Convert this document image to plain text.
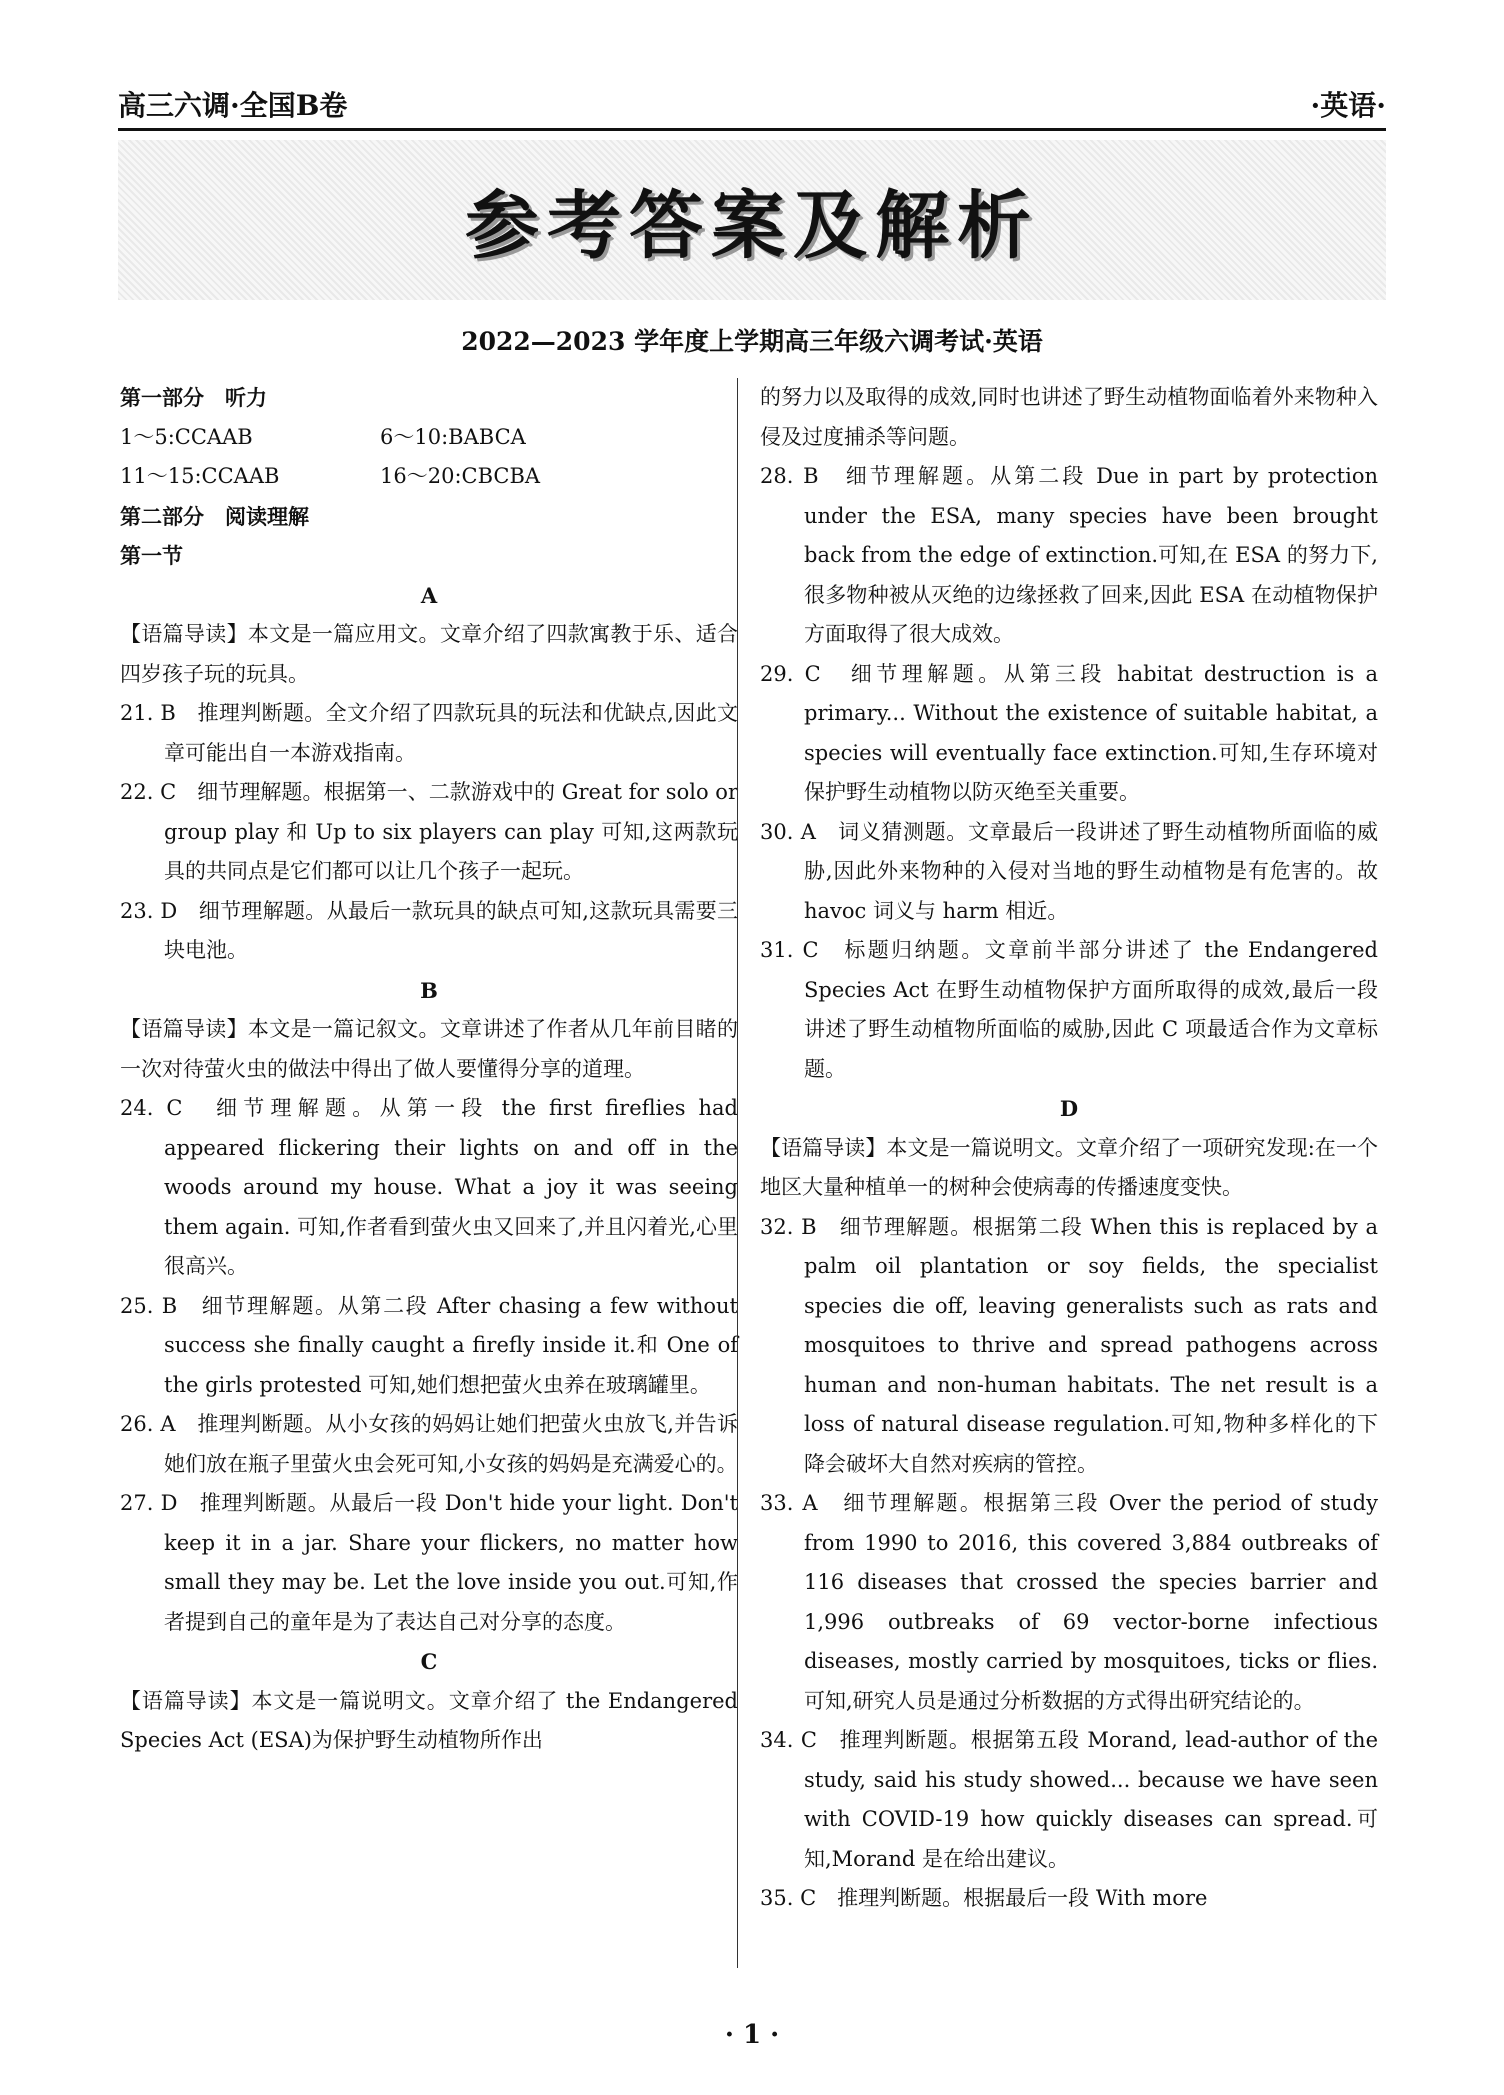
高三六调·全国B卷	·英语·
参考答案及解析
2022—2023 学年度上学期高三年级六调考试·英语
第一部分　听力
1～5:CCAAB	6～10:BABCA
11～15:CCAAB	16～20:CBCBA
第二部分　阅读理解
第一节
A
【语篇导读】本文是一篇应用文。文章介绍了四款寓教于乐、适合四岁孩子玩的玩具。
21. B　推理判断题。全文介绍了四款玩具的玩法和优缺点,因此文章可能出自一本游戏指南。
22. C　细节理解题。根据第一、二款游戏中的 Great for solo or group play 和 Up to six players can play 可知,这两款玩具的共同点是它们都可以让几个孩子一起玩。
23. D　细节理解题。从最后一款玩具的缺点可知,这款玩具需要三块电池。
B
【语篇导读】本文是一篇记叙文。文章讲述了作者从几年前目睹的一次对待萤火虫的做法中得出了做人要懂得分享的道理。
24. C　细节理解题。从第一段 the first fireflies had appeared flickering their lights on and off in the woods around my house. What a joy it was seeing them again. 可知,作者看到萤火虫又回来了,并且闪着光,心里很高兴。
25. B　细节理解题。从第二段 After chasing a few without success she finally caught a firefly inside it.和 One of the girls protested 可知,她们想把萤火虫养在玻璃罐里。
26. A　推理判断题。从小女孩的妈妈让她们把萤火虫放飞,并告诉她们放在瓶子里萤火虫会死可知,小女孩的妈妈是充满爱心的。
27. D　推理判断题。从最后一段 Don't hide your light. Don't keep it in a jar. Share your flickers, no matter how small they may be. Let the love inside you out.可知,作者提到自己的童年是为了表达自己对分享的态度。
C
【语篇导读】本文是一篇说明文。文章介绍了 the Endangered Species Act (ESA)为保护野生动植物所作出
的努力以及取得的成效,同时也讲述了野生动植物面临着外来物种入侵及过度捕杀等问题。
28. B　细节理解题。从第二段 Due in part by protection under the ESA, many species have been brought back from the edge of extinction.可知,在 ESA 的努力下,很多物种被从灭绝的边缘拯救了回来,因此 ESA 在动植物保护方面取得了很大成效。
29. C　细节理解题。从第三段 habitat destruction is a primary... Without the existence of suitable habitat, a species will eventually face extinction.可知,生存环境对保护野生动植物以防灭绝至关重要。
30. A　词义猜测题。文章最后一段讲述了野生动植物所面临的威胁,因此外来物种的入侵对当地的野生动植物是有危害的。故 havoc 词义与 harm 相近。
31. C　标题归纳题。文章前半部分讲述了 the Endangered Species Act 在野生动植物保护方面所取得的成效,最后一段讲述了野生动植物所面临的威胁,因此 C 项最适合作为文章标题。
D
【语篇导读】本文是一篇说明文。文章介绍了一项研究发现:在一个地区大量种植单一的树种会使病毒的传播速度变快。
32. B　细节理解题。根据第二段 When this is replaced by a palm oil plantation or soy fields, the specialist species die off, leaving generalists such as rats and mosquitoes to thrive and spread pathogens across human and non-human habitats. The net result is a loss of natural disease regulation.可知,物种多样化的下降会破坏大自然对疾病的管控。
33. A　细节理解题。根据第三段 Over the period of study from 1990 to 2016, this covered 3,884 outbreaks of 116 diseases that crossed the species barrier and 1,996 outbreaks of 69 vector-borne infectious diseases, mostly carried by mosquitoes, ticks or flies.可知,研究人员是通过分析数据的方式得出研究结论的。
34. C　推理判断题。根据第五段 Morand, lead-author of the study, said his study showed... because we have seen with COVID-19 how quickly diseases can spread.可知,Morand 是在给出建议。
35. C　推理判断题。根据最后一段 With more
· 1 ·
